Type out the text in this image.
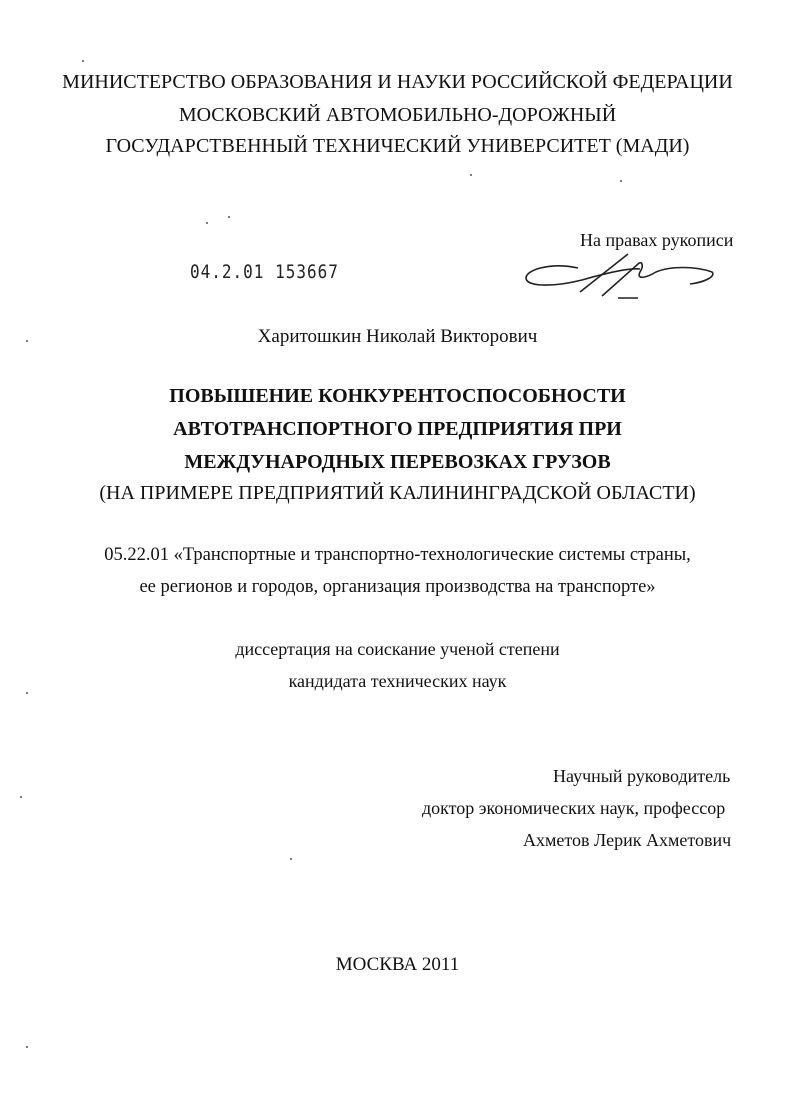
МИНИСТЕРСТВО ОБРАЗОВАНИЯ И НАУКИ РОССИЙСКОЙ ФЕДЕРАЦИИ
МОСКОВСКИЙ АВТОМОБИЛЬНО-ДОРОЖНЫЙ
ГОСУДАРСТВЕННЫЙ ТЕХНИЧЕСКИЙ УНИВЕРСИТЕТ (МАДИ)
На правах рукописи
04.2.01 153667
Харитошкин Николай Викторович
ПОВЫШЕНИЕ КОНКУРЕНТОСПОСОБНОСТИ
АВТОТРАНСПОРТНОГО ПРЕДПРИЯТИЯ ПРИ
МЕЖДУНАРОДНЫХ ПЕРЕВОЗКАХ ГРУЗОВ
(НА ПРИМЕРЕ ПРЕДПРИЯТИЙ КАЛИНИНГРАДСКОЙ ОБЛАСТИ)
05.22.01 «Транспортные и транспортно-технологические системы страны,
ее регионов и городов, организация производства на транспорте»
диссертация на соискание ученой степени
кандидата технических наук
Научный руководитель
доктор экономических наук, профессор
Ахметов Лерик Ахметович
МОСКВА 2011
